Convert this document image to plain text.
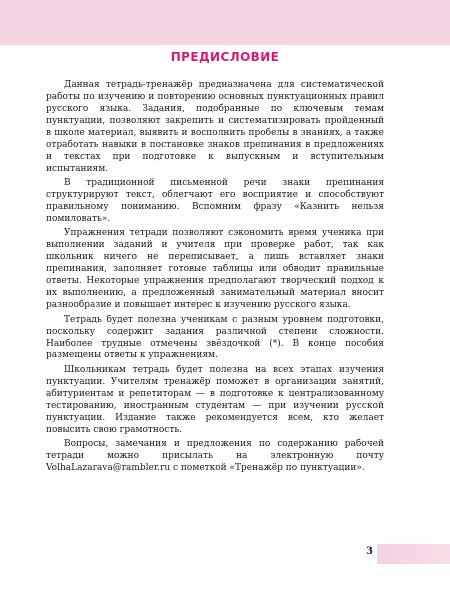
ПРЕДИСЛОВИЕ

Данная тетрадь-тренажёр предназначена для систематической работы по изучению и повторению основных пунктуационных правил русского языка. Задания, подобранные по ключевым темам пунктуации, позволяют закрепить и систематизировать пройденный в школе материал, выявить и восполнить пробелы в знаниях, а также отработать навыки в постановке знаков препинания в предложениях и текстах при подготовке к выпускным и вступительным испытаниям.

В традиционной письменной речи знаки препинания структурируют текст, облегчают его восприятие и способствуют правильному пониманию. Вспомним фразу «Казнить нельзя помиловать».

Упражнения тетради позволяют сэкономить время ученика при выполнении заданий и учителя при проверке работ, так как школьник ничего не переписывает, а лишь вставляет знаки препинания, заполняет готовые таблицы или обводит правильные ответы. Некоторые упражнения предполагают творческий подход к их выполнению, а предложенный занимательный материал вносит разнообразие и повышает интерес к изучению русского языка.

Тетрадь будет полезна ученикам с разным уровнем подготовки, поскольку содержит задания различной степени сложности. Наиболее трудные отмечены звёздочкой (*). В конце пособия размещены ответы к упражнениям.

Школьникам тетрадь будет полезна на всех этапах изучения пунктуации. Учителям тренажёр поможет в организации занятий, абитуриентам и репетиторам — в подготовке к централизованному тестированию, иностранным студентам — при изучении русской пунктуации. Издание также рекомендуется всем, кто желает повысить свою грамотность.

Вопросы, замечания и предложения по содержанию рабочей тетради можно присылать на электронную почту VolhaLazarava@rambler.ru с пометкой «Тренажёр по пунктуации».

3
